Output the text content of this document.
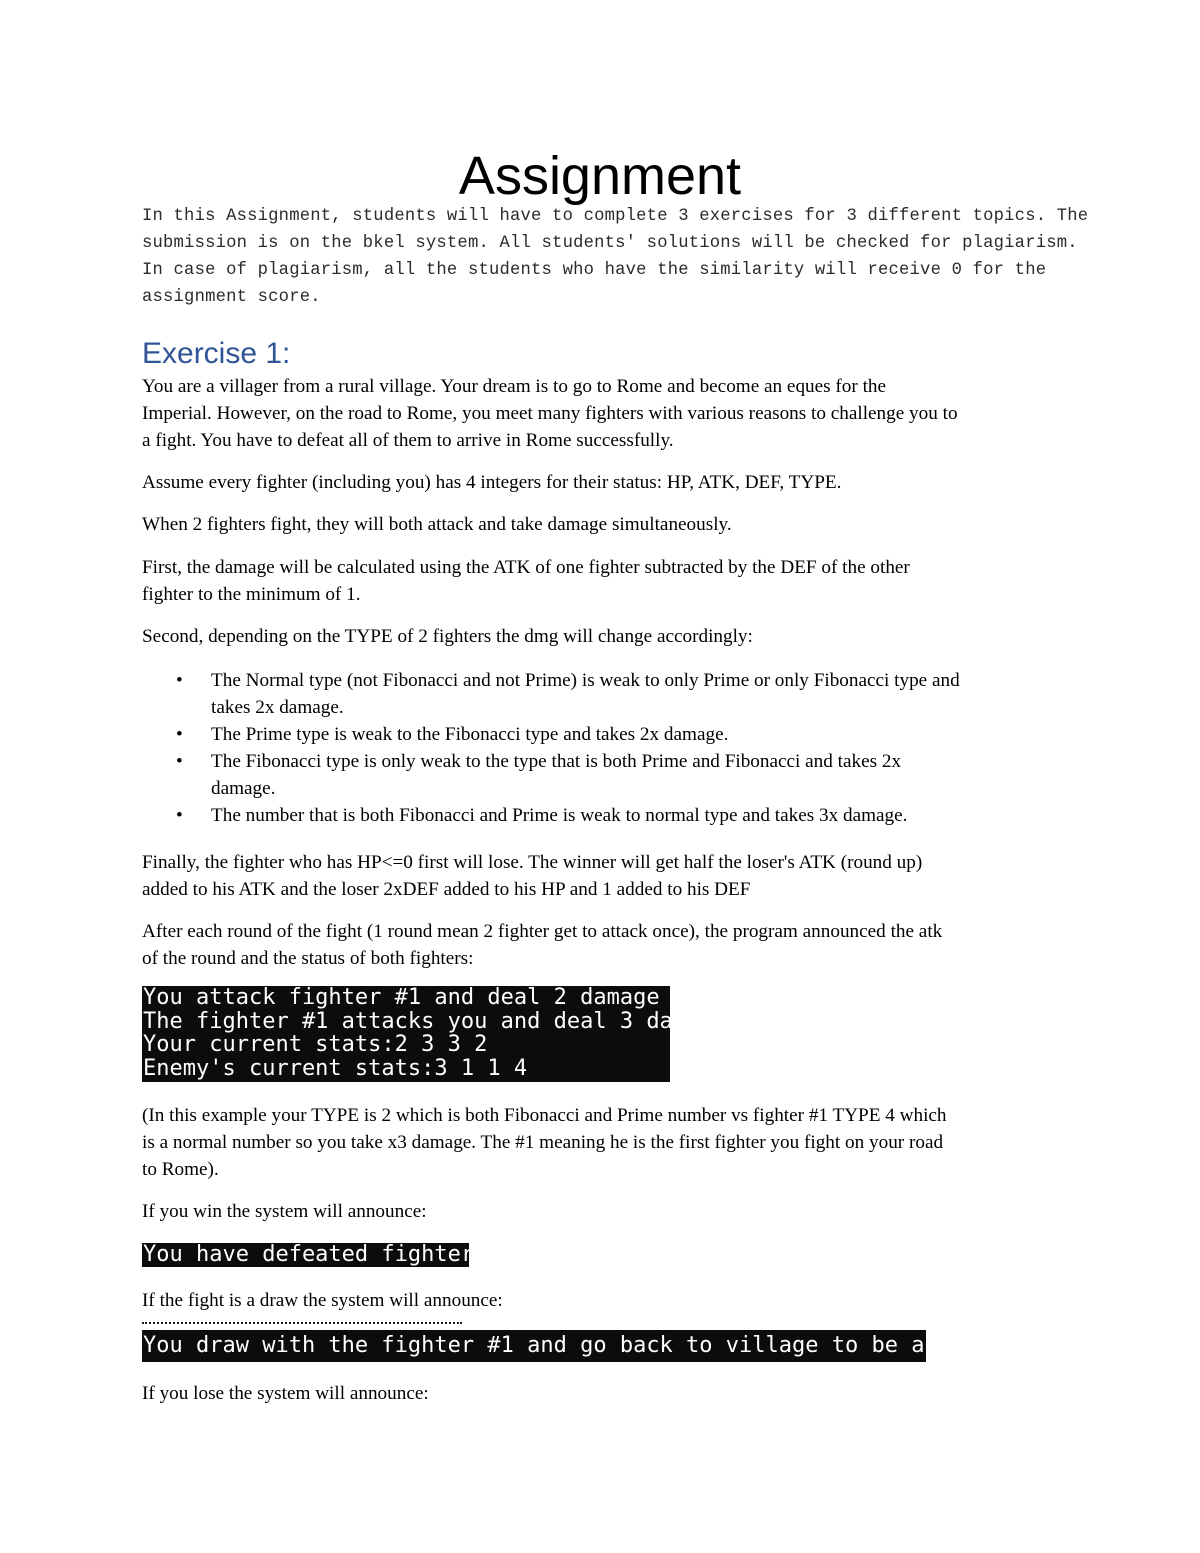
Assignment
In this Assignment, students will have to complete 3 exercises for 3 different topics. The
submission is on the bkel system. All students' solutions will be checked for plagiarism.
In case of plagiarism, all the students who have the similarity will receive 0 for the
assignment score.
Exercise 1:
You are a villager from a rural village. Your dream is to go to Rome and become an eques for the
Imperial. However, on the road to Rome, you meet many fighters with various reasons to challenge you to
a fight. You have to defeat all of them to arrive in Rome successfully.
Assume every fighter (including you) has 4 integers for their status: HP, ATK, DEF, TYPE.
When 2 fighters fight, they will both attack and take damage simultaneously.
First, the damage will be calculated using the ATK of one fighter subtracted by the DEF of the other
fighter to the minimum of 1.
Second, depending on the TYPE of 2 fighters the dmg will change accordingly:
• The Normal type (not Fibonacci and not Prime) is weak to only Prime or only Fibonacci type and
takes 2x damage.
• The Prime type is weak to the Fibonacci type and takes 2x damage.
• The Fibonacci type is only weak to the type that is both Prime and Fibonacci and takes 2x
damage.
• The number that is both Fibonacci and Prime is weak to normal type and takes 3x damage.
Finally, the fighter who has HP<=0 first will lose. The winner will get half the loser's ATK (round up)
added to his ATK and the loser 2xDEF added to his HP and 1 added to his DEF
After each round of the fight (1 round mean 2 fighter get to attack once), the program announced the atk
of the round and the status of both fighters:
You attack fighter #1 and deal 2 damage
The fighter #1 attacks you and deal 3 damage
Your current stats:2 3 3 2
Enemy's current stats:3 1 1 4
(In this example your TYPE is 2 which is both Fibonacci and Prime number vs fighter #1 TYPE 4 which
is a normal number so you take x3 damage. The #1 meaning he is the first fighter you fight on your road
to Rome).
If you win the system will announce:
You have defeated fighter #1
If the fight is a draw the system will announce:
You draw with the fighter #1 and go back to village to be a farmer
If you lose the system will announce:
